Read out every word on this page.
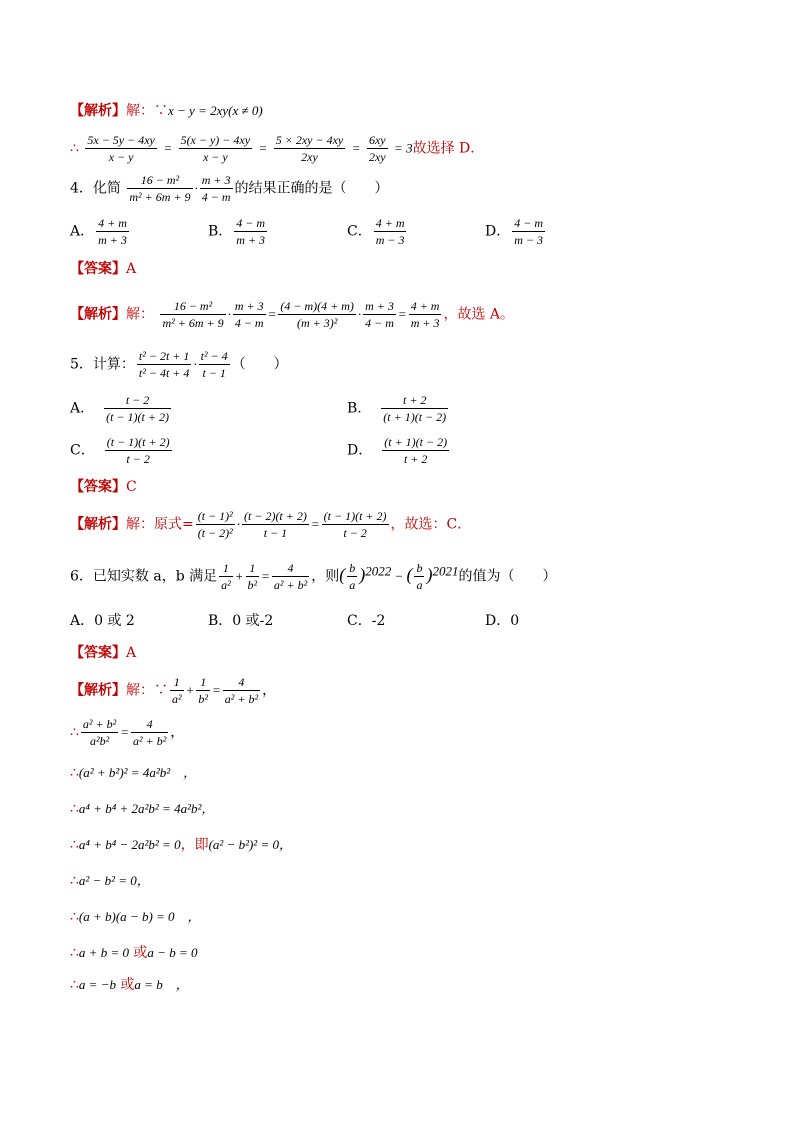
【解析】解：∵x − y = 2xy(x ≠ 0)
∴ $\frac{5x - 5y - 4xy}{x - y} = \frac{5(x - y) - 4xy}{x - y} = \frac{5 \times 2xy - 4xy}{2xy} = \frac{6xy}{2xy} = 3$故选择 D．
4．化简 $\frac{\text{16 − m²}}{\text{m² + 6m + 9}} \cdot \frac{m + 3}{4 - m}$ 的结果正确的是（　　）
A． $\frac{4 + m}{m + 3}$	B． $\frac{4 - m}{m + 3}$	C． $\frac{4 + m}{m - 3}$	D． $\frac{4 - m}{m - 3}$
【答案】A
【解析】解： $\frac{\text{16 − m²}}{\text{m² + 6m + 9}} \cdot \frac{m + 3}{4 - m} = \frac{(4 - m)(4 + m)}{\text{(m + 3)²}} \cdot \frac{m + 3}{4 - m} = \frac{4 + m}{m + 3}$ ，故选 A。
5．计算： $\frac{\text{t² − 2t + 1}}{\text{t² − 4t + 4}} \cdot \frac{\text{t² − 4}}{t - 1}$ （　　）
A． $\frac{t - 2}{(t - 1)(t + 2)}$	B． $\frac{t + 2}{(t + 1)(t - 2)}$
C． $\frac{(t - 1)(t + 2)}{t - 2}$	D． $\frac{(t + 1)(t - 2)}{t + 2}$
【答案】C
【解析】解：原式= $\frac{\text{(t − 1)²}}{\text{(t − 2)²}} \cdot \frac{(t - 2)(t + 2)}{t - 1} = \frac{(t - 1)(t + 2)}{t - 2}$ ，故选：C．
6．已知实数 a，b 满足 $\frac{1}{\text{a²}} + \frac{1}{\text{b²}} = \frac{4}{\text{a² + b²}}$ ，则( $\frac{b}{a} )^{2022}$ − ( $\frac{b}{a} )^{2021}$的值为（　　）
A．0 或 2	B．0 或-2	C．-2	D．0
【答案】A
【解析】解：∵ $\frac{1}{\text{a²}} + \frac{1}{\text{b²}} = \frac{4}{\text{a² + b²}}$ ，
∴ $\frac{\text{a² + b²}}{\text{a²b²}} = \frac{4}{\text{a² + b²}}$ ，
∴(a² + b²)² = 4a²b²　，
∴a⁴ + b⁴ + 2a²b² = 4a²b²，
∴a⁴ + b⁴ − 2a²b² = 0，即(a² − b²)² = 0，
∴a² − b² = 0，
∴(a + b)(a − b) = 0　，
∴a + b = 0 或a − b = 0
∴a = −b 或a = b　，
